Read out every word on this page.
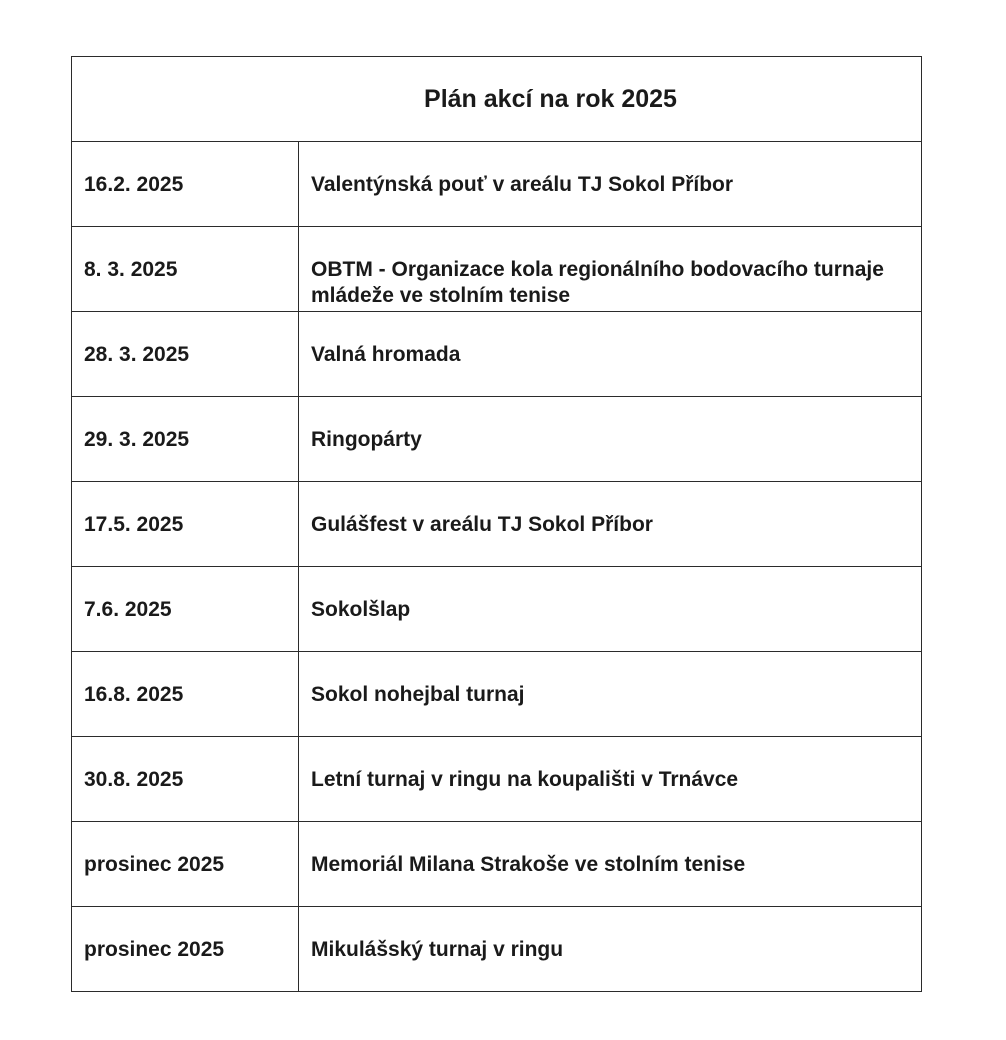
Plán akcí na rok 2025	
16.2. 2025	Valentýnská pouť v areálu TJ Sokol Příbor
8. 3. 2025	OBTM - Organizace kola regionálního bodovacího turnaje mládeže ve stolním tenise
28. 3. 2025	Valná hromada
29. 3. 2025	Ringopárty
17.5. 2025	Gulášfest v areálu TJ Sokol Příbor
7.6. 2025	Sokolšlap
16.8. 2025	Sokol nohejbal turnaj
30.8. 2025	Letní turnaj v ringu na koupališti v Trnávce
prosinec 2025	Memoriál Milana Strakoše ve stolním tenise
prosinec 2025	Mikulášský turnaj v ringu
